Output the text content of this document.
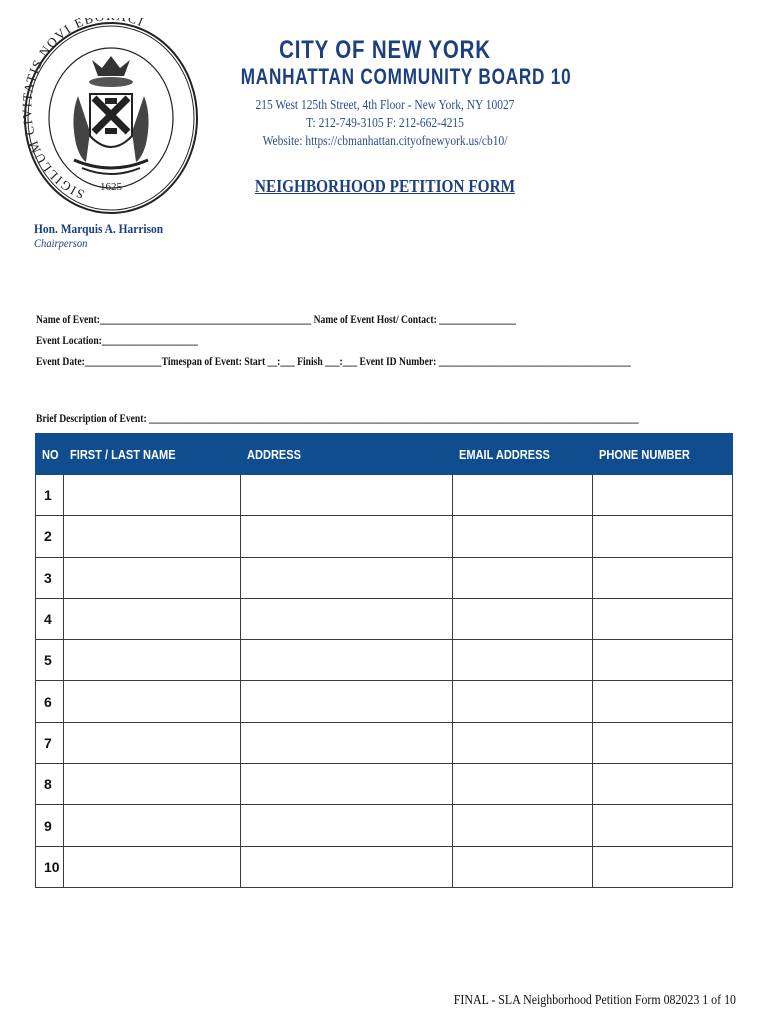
SIGILLUM C ATIS NOVI EB CI
1625
CITY OF NEW YORK
MANHATTAN COMMUNITY BOARD 10
215 West 125th Street, 4th Floor - New York, NY 10027
T: 212-749-3105 F: 212-662-4215
Website: https://cbmanhattan.cityofnewyork.us/cb10/
NEIGHBORHOOD PETITION FORM
Hon. Marquis A. Harrison
Chairperson
Name of Event:____________________________________________ Name of Event Host/ Contact: ________________
Event Location:____________________
Event Date:________________Timespan of Event: Start __:___ Finish ___:___ Event ID Number: ________________________________________
Brief Description of Event: ______________________________________________________________________________________________________
NO	FIRST / LAST NAME	ADDRESS	EMAIL ADDRESS	PHONE NUMBER
1				
2				
3				
4				
5				
6				
7				
8				
9				
10				
FINAL - SLA Neighborhood Petition Form 082023 1 of 10
